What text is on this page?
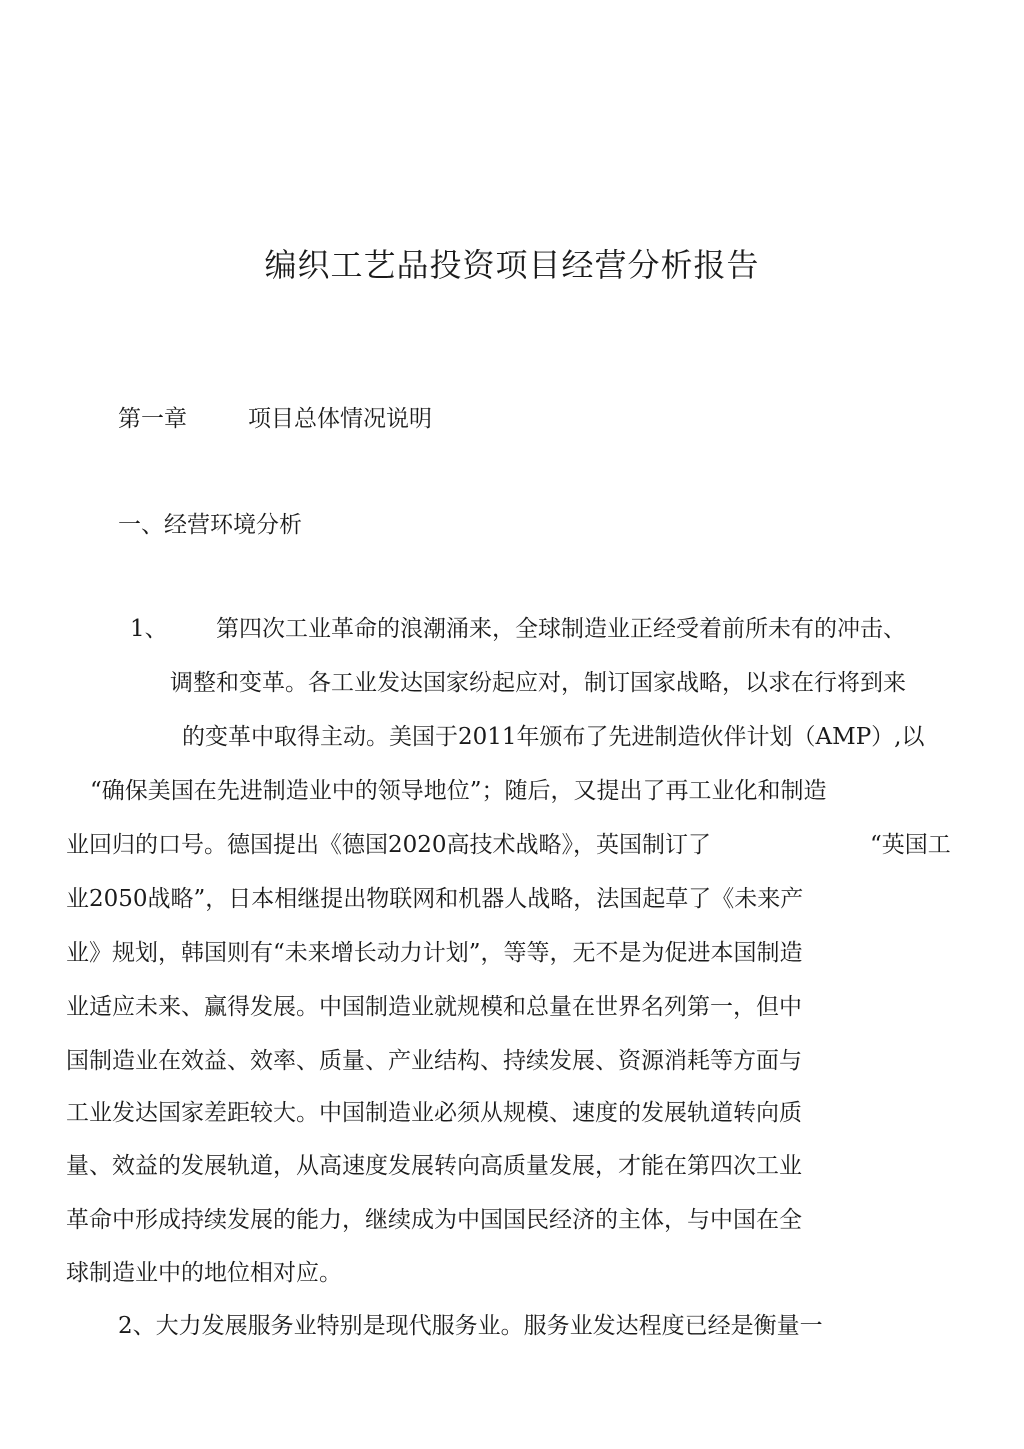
编织工艺品投资项目经营分析报告
第一章	项目总体情况说明
一、经营环境分析
1、 第四次工业革命的浪潮涌来，全球制造业正经受着前所未有的冲击、
调整和变革。各工业发达国家纷起应对，制订国家战略，以求在行将到来
的变革中取得主动。美国于2011年颁布了先进制造伙伴计划（AMP）,以
“确保美国在先进制造业中的领导地位”；随后，又提出了再工业化和制造
业回归的口号。德国提出《德国2020高技术战略》，英国制订了	“英国工
业2050战略”，日本相继提出物联网和机器人战略，法国起草了《未来产
业》规划，韩国则有“未来增长动力计划”，等等，无不是为促进本国制造
业适应未来、赢得发展。中国制造业就规模和总量在世界名列第一，但中
国制造业在效益、效率、质量、产业结构、持续发展、资源消耗等方面与
工业发达国家差距较大。中国制造业必须从规模、速度的发展轨道转向质
量、效益的发展轨道，从高速度发展转向高质量发展，才能在第四次工业
革命中形成持续发展的能力，继续成为中国国民经济的主体，与中国在全
球制造业中的地位相对应。
2、大力发展服务业特别是现代服务业。服务业发达程度已经是衡量一
